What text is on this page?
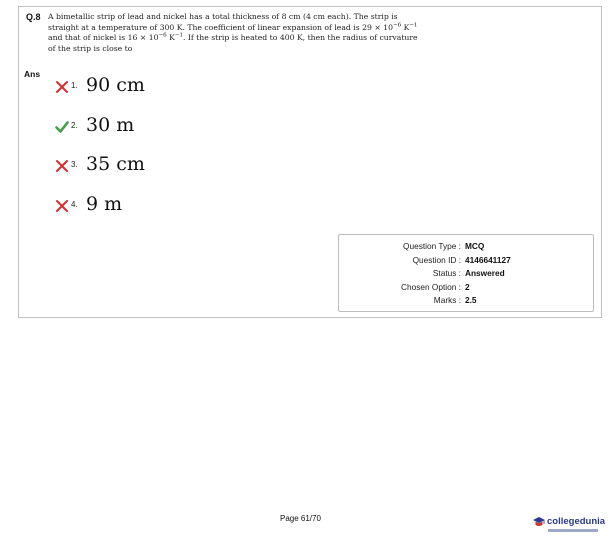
Q.8 A bimetallic strip of lead and nickel has a total thickness of 8 cm (4 cm each). The strip is straight at a temperature of 300 K. The coefficient of linear expansion of lead is $29 \times 10^{-6}$ $K^{-1}$ and that of nickel is $16 \times 10^{-6}$ $K^{-1}$. If the strip is heated to 400 K, then the radius of curvature of the strip is close to
Ans
1. 90 cm
2. 30 m
3. 35 cm
4. 9 m
Question Type : MCQ
Question ID : 4146641127
Status : Answered
Chosen Option : 2
Marks : 2.5
Page 61/70	collegedunia
